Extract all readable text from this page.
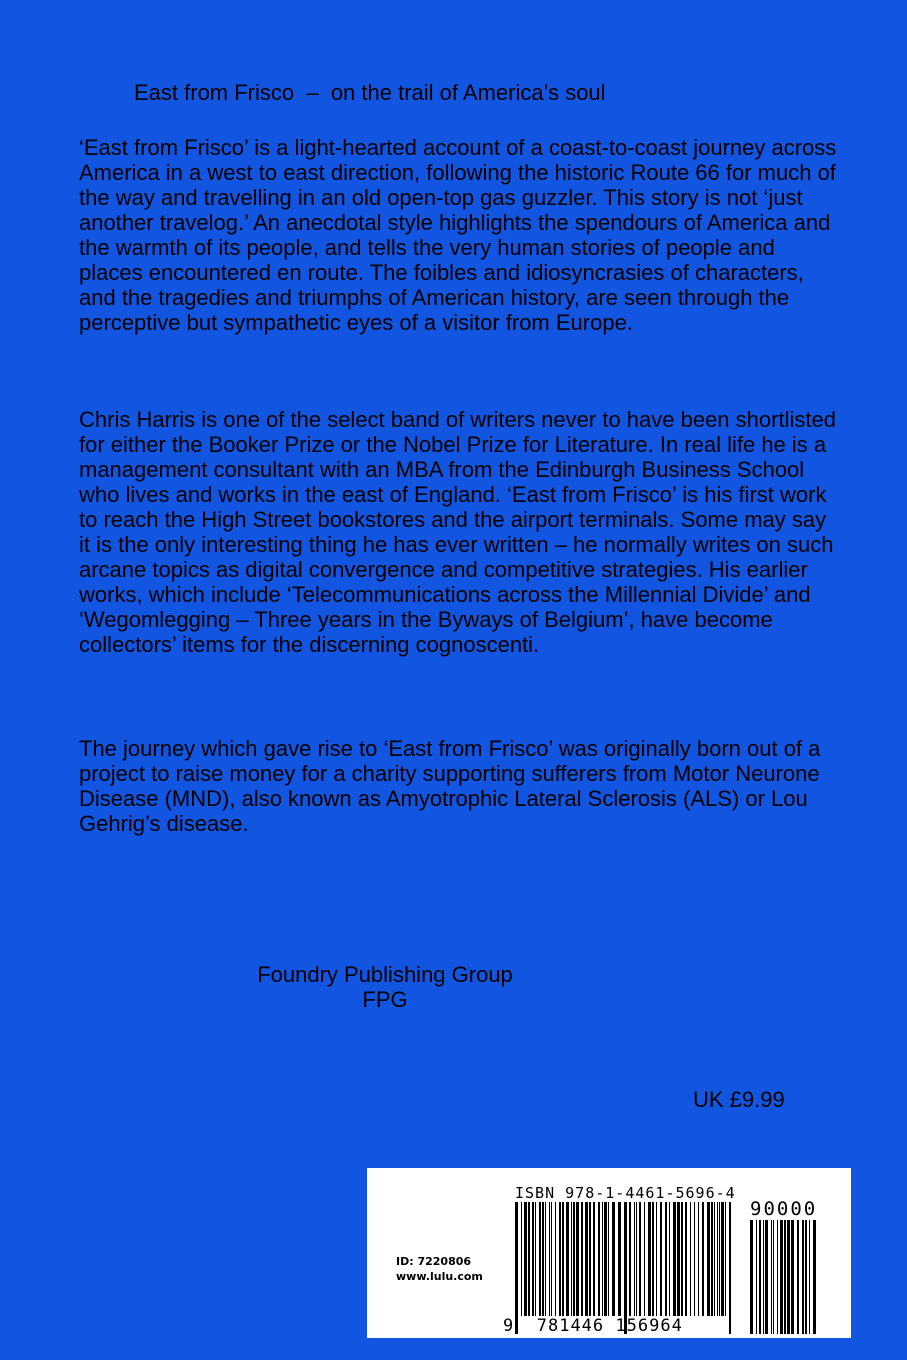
East from Frisco  –  on the trail of America’s soul

‘East from Frisco’ is a light-hearted account of a coast-to-coast journey across America in a west to east direction, following the historic Route 66 for much of the way and travelling in an old open-top gas guzzler. This story is not ‘just another travelog.’ An anecdotal style highlights the spendours of America and the warmth of its people, and tells the very human stories of people and places encountered en route. The foibles and idiosyncrasies of characters, and the tragedies and triumphs of American history, are seen through the perceptive but sympathetic eyes of a visitor from Europe.

Chris Harris is one of the select band of writers never to have been shortlisted for either the Booker Prize or the Nobel Prize for Literature. In real life he is a management consultant with an MBA from the Edinburgh Business School who lives and works in the east of England. ‘East from Frisco’ is his first work to reach the High Street bookstores and the airport terminals. Some may say it is the only interesting thing he has ever written – he normally writes on such arcane topics as digital convergence and competitive strategies. His earlier works, which include ‘Telecommunications across the Millennial Divide’ and ‘Wegomlegging – Three years in the Byways of Belgium’, have become collectors’ items for the discerning cognoscenti.

The journey which gave rise to ‘East from Frisco’ was originally born out of a project to raise money for a charity supporting sufferers from Motor Neurone Disease (MND), also known as Amyotrophic Lateral Sclerosis (ALS) or Lou Gehrig’s disease.

Foundry Publishing Group
FPG
UK £9.99
ID: 7220806
www.lulu.com
ISBN 978-1-4461-5696-4
90000
9 781446 156964
